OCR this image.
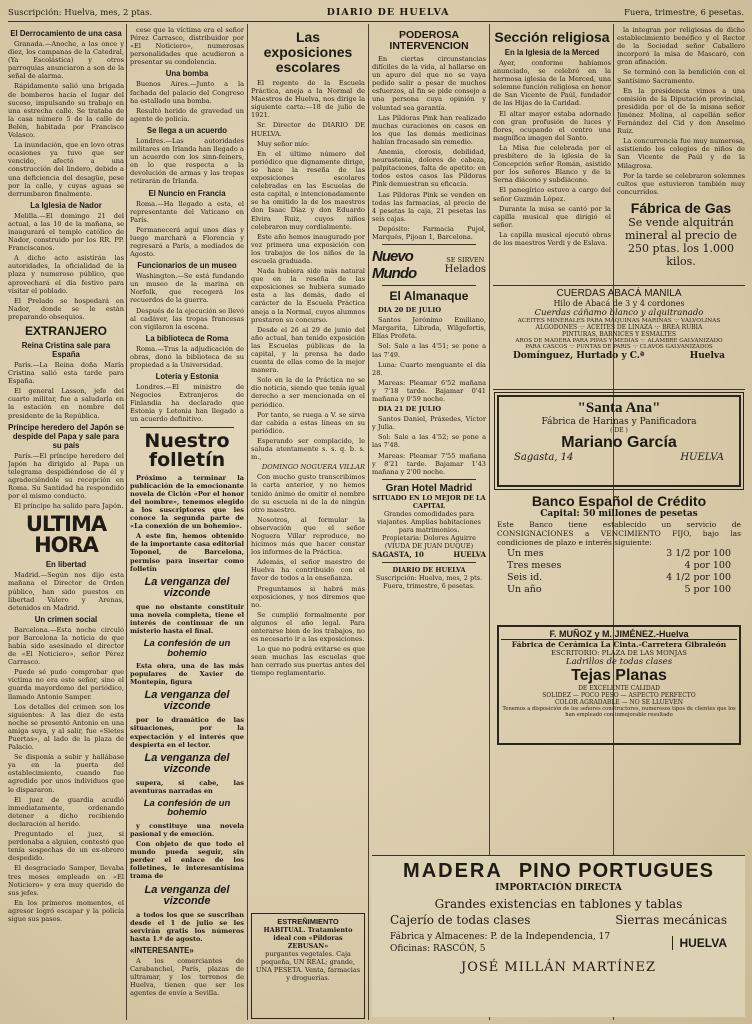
Suscripción: Huelva, mes, 2 ptas.	DIARIO DE HUELVA	Fuera, trimestre, 6 pesetas.
El Derrocamiento de una casa

Granada.—Anoche, a las once y diez, los campanas de la Catedral, (Ya Escolástica) y otros parroquias anunciaron a son de la señal de alarma.

Rápidamente salió una brigada de bomberos hacia el lugar del suceso, impulsando su trabajo en una estrecha calle. Se trataba de la casa número 5 de la calle de Belén, habitada por Francisco Velasco.

La inundación, que en lovo otras ocasiones ya tuvo que ser vencido, afectó a una construcción del lindero, debido a una deficiencia del desagüe, pese por la calle, y cuyas aguas se derrumbaron finalmente.

La Iglesia de Nador

Melilla.—El domingo 21 del actual, a las 10 de la mañana, se inaugurará el templo católico de Nador, construido por los RR. PP. Franciscanos.

A dicho acto asistirán las autoridades, la oficialidad de la plaza y numeroso público, que aprovechará el día festivo para visitar el poblado.

El Prelado se hospedará en Nador, donde se le están preparando obsequios.

EXTRANJERO
Reina Cristina sale para España

París.—La Reina doña María Cristina salió esta tarde para España.

El general Lasson, jefe del cuarto militar, fue a saludarla en la estación en nombre del presidente de la República.

Príncipe heredero del Japón se despide del Papa y sale para su país

París.—El príncipe heredero del Japón ha dirigido al Papa un telegrama despidiéndose de él y agradeciéndole su recepción en Roma. Su Santidad ha respondido por el mismo conducto.

El príncipe ha salido para Japón.

ULTIMA HORA
En libertad

Madrid.—Según nos dijo esta mañana el Director de Orden público, han sido puestos en libertad Valero y Arenas, detenidos en Madrid.

Un crimen social

Barcelona.—Esta noche circuló por Barcelona la noticia de que había sido asesinado el director de «El Noticiero», señor Pérez Carrasco.

Puede sé pudo comprobar que víctima no era este señor, sino el guarda mayordomo del periódico, llamado Antonio Samper.

Los detalles del crimen son los siguientes: A las diez de esta noche se presentó Antonio en una amiga suya, y al salir, fue «Sietes Puertas», al lado de la plaza de Palacio.

Se disponía a subir y hallábase ya en la puerta del establecimiento, cuando fue agredido por unos individuos que le dispararon.

El juez de guardia acudió inmediatamente, ordenando detener a dicho recibiendo declaración al herido.

Preguntado el juez, si perdonaba a alguien, contestó que tenía sospechas de un ex-obrero despedido.

El desgraciado Samper, llevaba tres meses empleado en «El Noticiero» y era muy querido de sus jefes.

En los primeros momentos, el agresor logró escapar y la policía sigue sus pasos.

cese que la víctima era el señor Pérez Carrasco, distribuidor por «El Noticiero», numerosas personalidades que acudieron a presentar su condolencia.

Una bomba

Buenos Aires.—Junto a la fachada del palacio del Congreso ha estallado una bomba.

Resultó herido de gravedad un agente de policía.

Se llega a un acuerdo

Londres.—Las autoridades militares en Irlanda han llegado a un acuerdo con los sinn-feiners, en lo que respecta a la devolución de armas y las tropas retirarán de Irlanda.

El Nuncio en Francia

Roma.—Ha llegado a esta, el representante del Vaticano en París.

Permanecerá aquí unos días y luego marchará a Florencia y regresará a París, a mediados de Agosto.

Funcionarios de un museo

Washington.—Se está fundando un museo de la marina en Norfolk, que recogerá los recuerdos de la guerra.

Después de la ejecución se llevó al cadáver, las tropas francesas con vigilaron la escena.

La biblioteca de Roma

Roma.—Tras la adjudicación de obras, donó la biblioteca de su propiedad a la Universidad.

Lotería y Estonia

Londres.—El ministro de Negocios Extranjeros de Finlandia ha declarado que Estonia y Letonia han llegado a un acuerdo definitivo.

Nuestro folletín

Próximo a terminar la publicación de la emocionante novela de Ciclón «Por el honor del nombre», tenemos elegido a los suscriptores que les conoce la segunda parte de «La conexión de un bohemio».

A este fin, hemos obtenido de la importante casa editorial Toponel, de Barcelona, permiso para insertar como folletín

La venganza del vizconde

que no obstante constituir una novela completa, tiene el interés de continuar de un misterio hasta el final.

La confesión de un bohemio

Esta obra, una de las más populares de Xavier de Montepín, figura

La venganza del vizconde

por lo dramático de las situaciones, por la expectación y el interés que despierta en el lector.

La venganza del vizconde

supera, si cabe, las aventuras narradas en

La confesión de un bohemio

y constituye una novela pasional y de emoción.

Con objeto de que todo el mundo pueda seguir, sin perder el enlace de los folletines, le interesantísima trama de

La venganza del vizconde

a todos los que se suscriban desde el 1 de julio se les servirán gratis los números hasta 1.º de agosto.

«INTERESANTE»

A los comerciantes de Carabanchel, París, plazas de ultramar, y los terrenos de Huelva, tienen que ser los agentes de envío a Sevilla.

Las exposiciones escolares

El regente de la Escuela Práctica, aneja a la Normal de Maestros de Huelva, nos dirige la siguiente carta:—18 de julio de 1921.

Sr. Director de DIARIO DE HUELVA.

Muy señor mío:

En el último número del periódico que dignamente dirige, se hace la reseña de las exposiciones escolares celebradas en las Escuelas de esta capital, e intencionadamente se ha omitido la de los maestros don Isaac Díaz y don Eduardo Elvira Ruiz, cuyos niños celebraron muy cordialmente.

Este año hemos inaugurado por vez primera una exposición con los trabajos de los niños de la escuela graduada.

Nada hubiera sido más natural que en la reseña de las exposiciones se hubiera sumado esta a las demás, dado el carácter de la Escuela Práctica aneja a la Normal, cuyos alumnos prestaron su concurso.

Desde el 26 al 29 de junio del año actual, han tenido exposición las Escuelas públicas de la capital, y la prensa ha dado cuenta de ellas como de la mejor manera.

Solo en la de la Práctica no se dio noticia, siendo que tenía igual derecho a ser mencionada en el periódico.

Por tanto, se ruega a V. se sirva dar cabida a estas líneas en su periódico.

Esperando ser complacido, le saluda atentamente s. s. q. b. s. m.,

DOMINGO NOGUERA VILLAR

Con mucho gusto transcribimos la carta anterior, y no hemos tenido ánimo de omitir el nombre de su escuela ni de la de ningún otro maestro.

Nosotros, al formular la observación que el señor Noguera Villar reproduce, no hicimos más que hacer constar los informes de la Práctica.

Además, el señor maestro de Huelva ha contribuido con el favor de todos a la enseñanza.

Preguntamos si habrá más exposiciones, y nos diremos que no.

Se cumplió formalmente por algunos el año legal. Para enterarse bien de los trabajos, no es necesario ir a las exposiciones.

Lo que no podrá evitarse es que sean muchas las escuelas que han cerrado sus puertas antes del tiempo reglamentario.

PODEROSA INTERVENCION

En ciertas circunstancias difíciles de la vida, al hallarse en un apuro del que no se vaya pedido salir a pesar de muchos esfuerzos, al fin se pide consejo a una persona cuya opinión y voluntad sea garantía.

Las Píldoras Pink han realizado muchas curaciones en casos en los que las demás medicinas habían fracasado sin remedio.

Anemia, clorosis, debilidad, neurastenia, dolores de cabeza, palpitaciones, falta de apetito: en todos estos casos las Píldoras Pink demuestran su eficacia.

Las Píldoras Pink se venden en todas las farmacias, al precio de 4 pesetas la caja, 21 pesetas las seis cajas.

Depósito: Farmacia Pujol, Marqués, Pijoan 1, Barcelona.

Nuevo Mundo
SE SIRVEN
Helados
El Almanaque

DIA 20 DE JULIO

Santos Jerónimo Emiliano, Margarita, Librada, Wilgefortis, Elías Profeta.

Sol: Sale a las 4'51; se pone a las 7'49.

Luna: Cuarto menguante el día 28.

Mareas: Pleamar 6'52 mañana y 7'18 tarde. Bajamar 0'41 mañana y 0'59 noche.

DIA 21 DE JULIO

Santos Daniel, Práxedes, Víctor y Julia.

Sol: Sale a las 4'52; se pone a las 7'48.

Mareas: Pleamar 7'55 mañana y 8'21 tarde. Bajamar 1'43 mañana y 2'00 noche.

Gran Hotel Madrid
SITUADO EN LO MEJOR DE LA CAPITAL
Grandes comodidades para viajantes. Amplias habitaciones para matrimonios.
Propietaria: Dolores Aguirre (VIUDA DE JUAN DUQUE)
SAGASTA, 10	HUELVA
DIARIO DE HUELVA
Suscripción: Huelva, mes, 2 pts.
Fuera, trimestre, 6 pesetas.
Sección religiosa
En la Iglesia de la Merced

Ayer, conforme habíamos anunciado, se celebró en la hermosa iglesia de la Merced, una solemne función religiosa en honor de San Vicente de Paúl, fundador de las Hijas de la Caridad.

El altar mayor estaba adornado con gran profusión de luces y flores, ocupando el centro una magnífica imagen del Santo.

La Misa fue celebrada por el presbítero de la iglesia de la Concepción señor Román, asistido por los señores Blanco y de la Serna diácono y subdiácono.

El panegírico estuvo a cargo del señor Guzmán López.

Durante la misa se cantó por la capilla musical que dirigió el señor.

La capilla musical ejecutó obras de los maestros Verdi y de Eslava.

la integran por religiosas de dicho establecimiento benéfico y el Rector de la Sociedad señor Caballero incorporó la misa de Mascaró, con gran afinación.

Se terminó con la bendición con el Santísimo Sacramento.

En la presidencia vimos a una comisión de la Diputación provincial, presidida por el de la misma señor Jiménez Molina, al capellán señor Fernández del Cid y don Anselmo Ruiz.

La concurrencia fue muy numerosa, asistiendo los colegios de niños de San Vicente de Paúl y de la Milagrosa.

Por la tarde se celebraron solemnes cultos que estuvieron también muy concurridos.

Fábrica de Gas
Se vende alquitrán mineral al precio de 250 ptas. los 1.000 kilos.
CUERDAS ABACÁ MANILA
Hilo de Abacá de 3 y 4 cordones
Cuerdas cáñamo blanco y alquitranado
ACEITES MINERALES PARA MÁQUINAS MARINAS ·:· VALVOLINAS
ALGODONES ·:· ACEITES DE LINAZA ·:· BREA RUBIA
PINTURAS, BARNICES Y ESMALTES
AROS DE MADERA PARA PIPAS Y MEDIAS ·:· ALAMBRE GALVANIZADO
PARA CASCOS ·:· PUNTAS DE PARIS ·:· CLAVOS GALVANIZADOS
Domínguez, Hurtado y C.ª	Huelva
"Santa Ana"
Fábrica de Harinas y Panificadora
( DE )
Mariano García
Sagasta, 14	HUELVA
Banco Español de Crédito
Capital: 50 millones de pesetas
Este Banco tiene establecido un servicio de CONSIGNACIONES a VENCIMIENTO FIJO, bajo las condiciones de plazo e interés siguiente:
Un mes	3 1/2 por 100
Tres meses	4 por 100
Seis id.	4 1/2 por 100
Un año	5 por 100
F. MUÑOZ y M. JIMÉNEZ.-Huelva
Fábrica de Cerámica La Cinta.-Carretera Gibraleón
ESCRITORIO: PLAZA DE LAS MONJAS
Ladrillos de todas clases
Tejas Planas
DE EXCELENTE CALIDAD
SOLIDEZ — POCO PESO — ASPECTO PERFECTO
COLOR AGRADABLE — NO SE LLUEVEN
Tenemos a disposición de los señores constructores, numerosos tipos de clientes que los han empleado con inmejorable resultado
ESTREÑIMIENTO
HABITUAL. Tratamiento ideal con «Píldoras ZEBUSAN»
purgantes vegetales. Caja pequeña, UN REAL; grande, UNA PESETA. Venta, farmacias y droguerías.
MADERA PINO PORTUGUES
IMPORTACIÓN DIRECTA
Grandes existencias en tablones y tablas
Cajerío de todas clases	Sierras mecánicas
Fábrica y Almacenes: P. de la Independencia, 17
Oficinas: RASCÓN, 5	HUELVA
JOSÉ MILLÁN MARTÍNEZ
